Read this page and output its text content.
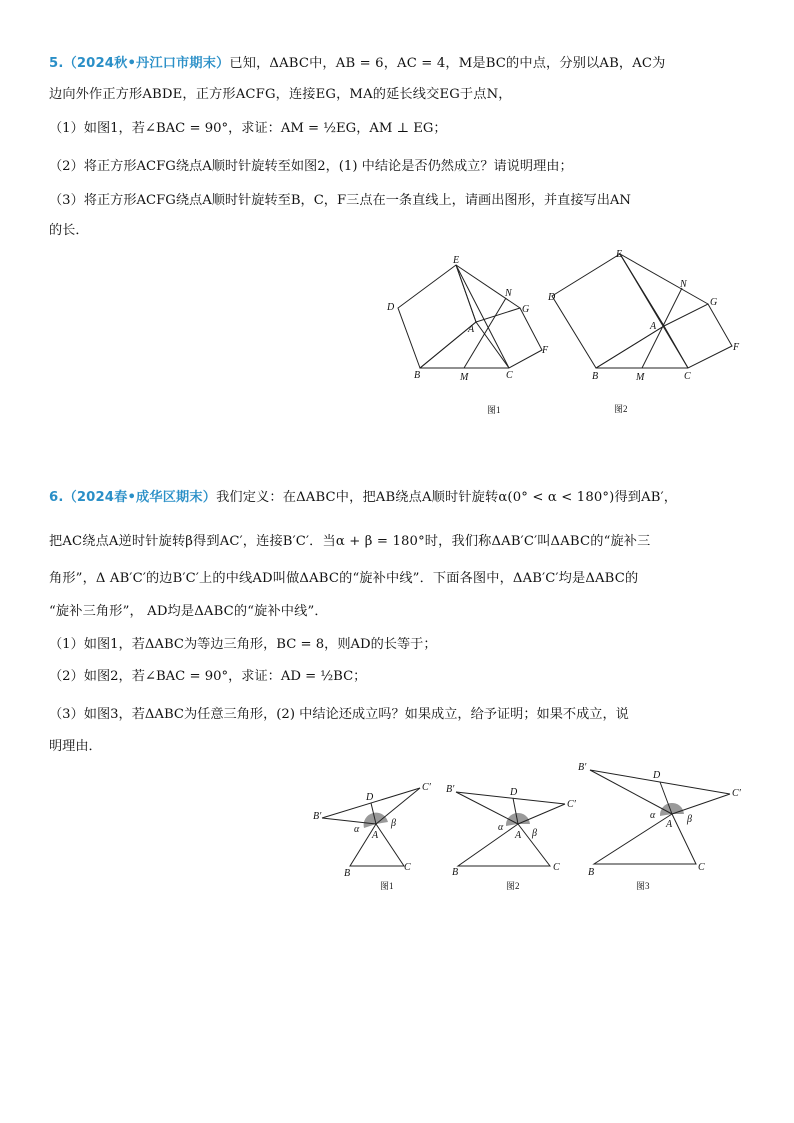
5.（2024秋•丹江口市期末）已知，ΔABC中，AB = 6，AC = 4，M是BC的中点，分别以AB，AC为
边向外作正方形ABDE，正方形ACFG，连接EG，MA的延长线交EG于点N，
（1）如图1，若∠BAC = 90°，求证：AM = ½EG，AM ⊥ EG；
（2）将正方形ACFG绕点A顺时针旋转至如图2，(1) 中结论是否仍然成立？请说明理由；
（3）将正方形ACFG绕点A顺时针旋转至B，C，F三点在一条直线上，请画出图形，并直接写出AN
的长．
D
E
N
G
A
F
B	M	C
图1
D
E
N
G
A
F
B	M	C
图2
6.（2024春•成华区期末）我们定义：在ΔABC中，把AB绕点A顺时针旋转α(0° < α < 180°)得到AB′，
把AC绕点A逆时针旋转β得到AC′，连接B′C′．当α + β = 180°时，我们称ΔAB′C′叫ΔABC的“旋补三
角形”，Δ AB′C′的边B′C′上的中线AD叫做ΔABC的“旋补中线”．下面各图中，ΔAB′C′均是ΔABC的
“旋补三角形”， AD均是ΔABC的“旋补中线”．
（1）如图1，若ΔABC为等边三角形，BC = 8，则AD的长等于；
（2）如图2，若∠BAC = 90°，求证：AD = ½BC；
（3）如图3，若ΔABC为任意三角形，(2) 中结论还成立吗？如果成立，给予证明；如果不成立，说
明理由．
B′
D
C′
α
A
β
B
C
图1
B′	D
C′
α
A β
B	C
图2
B′
D
C′
α
A β
B	C
图3
